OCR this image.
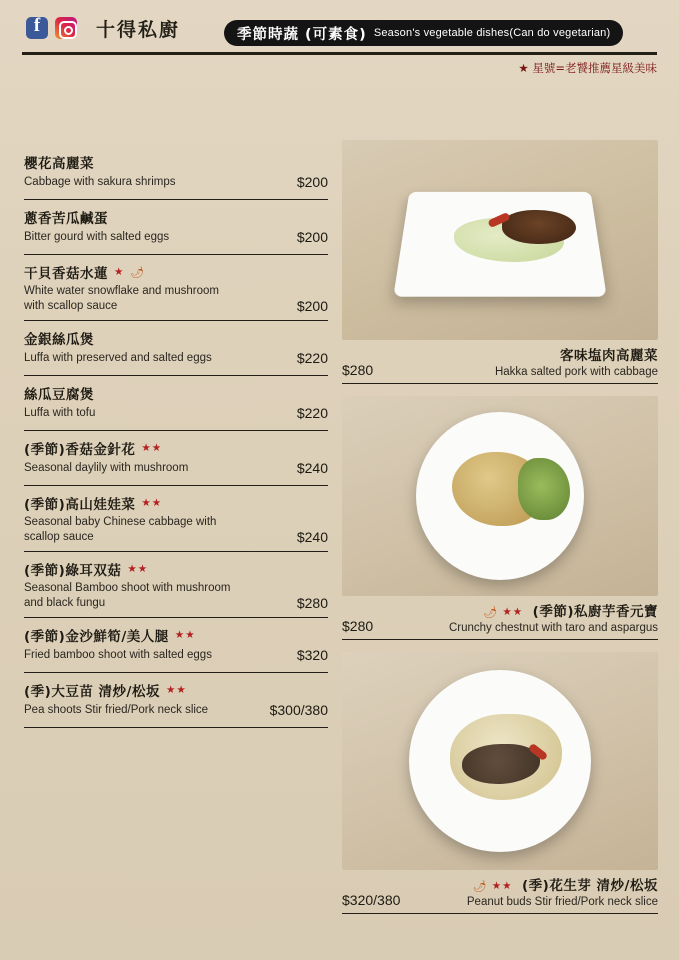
f
十得私廚	季節時蔬 (可素食) Season's vegetable dishes(Can do vegetarian)
★ 星號=老饕推薦星級美味
櫻花高麗菜
Cabbage with sakura shrimps	$200
蔥香苦瓜鹹蛋
Bitter gourd with salted eggs	$200
干貝香菇水蓮 ★ 🌶
White water snowflake and mushroom with scallop sauce	$200
金銀絲瓜煲
Luffa with preserved and salted eggs	$220
絲瓜豆腐煲
Luffa with tofu	$220
(季節)香菇金針花 ★★
Seasonal daylily with mushroom	$240
(季節)高山娃娃菜 ★★
Seasonal baby Chinese cabbage with scallop sauce	$240
(季節)綠耳双菇 ★★
Seasonal Bamboo shoot with mushroom and black fungu	$280
(季節)金沙鮮筍/美人腿 ★★
Fried bamboo shoot with salted eggs	$320
(季)大豆苗 清炒/松坂 ★★
Pea shoots Stir fried/Pork neck slice	$300/380
$280
客味塩肉高麗菜
Hakka salted pork with cabbage
$280
🌶 ★★ (季節)私廚芋香元寶
Crunchy chestnut with taro and aspargus
$320/380
🌶 ★★ (季)花生芽 清炒/松坂
Peanut buds Stir fried/Pork neck slice
